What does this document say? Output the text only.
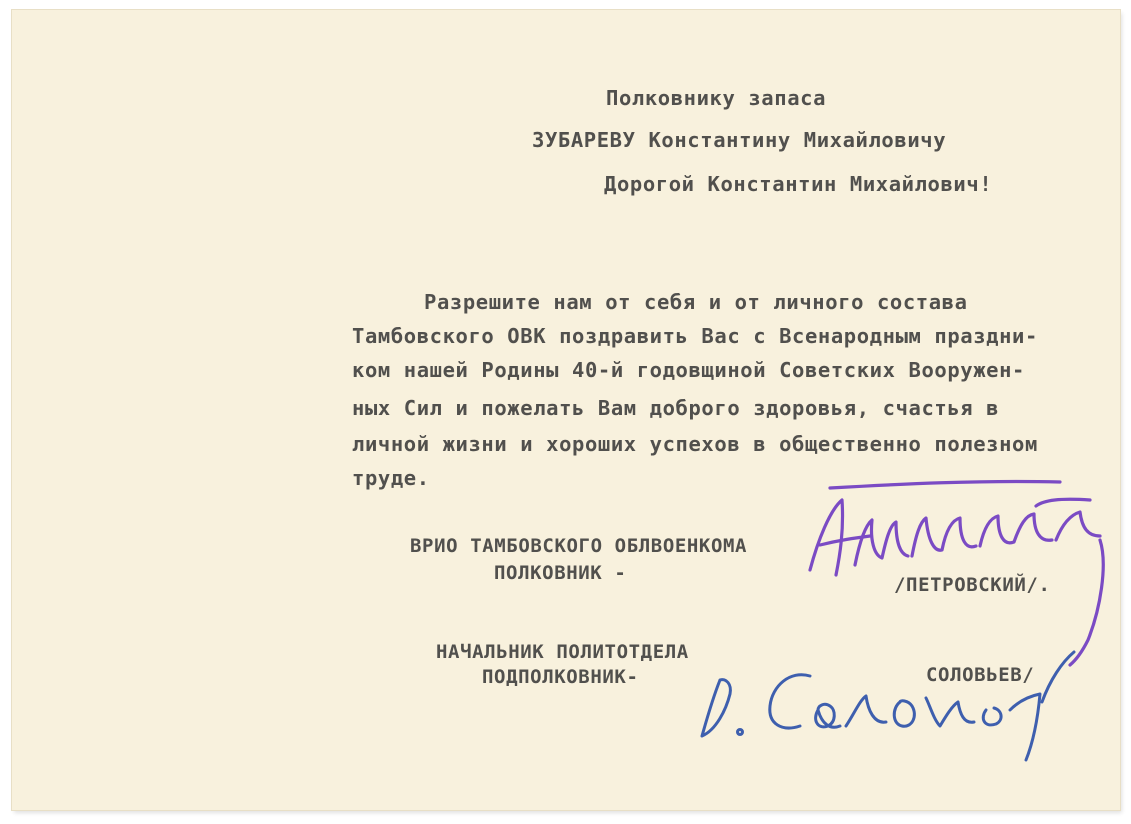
Полковнику запаса
ЗУБАРЕВУ Константину Михайловичу
Дорогой Константин Михайлович!
Разрешите нам от себя и от личного состава
Тамбовского ОВК поздравить Вас с Всенародным праздни-
ком нашей Родины 40-й годовщиной Советских Вооружен-
ных Сил и пожелать Вам доброго здоровья, счастья в
личной жизни и хороших успехов в общественно полезном
труде.
ВРИО ТАМБОВСКОГО ОБЛВОЕНКОМА
ПОЛКОВНИК -
/ПЕТРОВСКИЙ/.
НАЧАЛЬНИК ПОЛИТОТДЕЛА
ПОДПОЛКОВНИК-	СОЛОВЬЕВ/
